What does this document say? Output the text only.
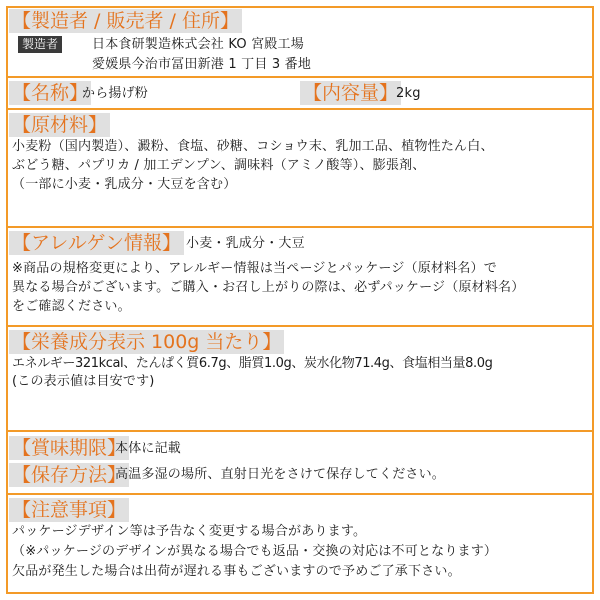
【製造者 / 販売者 / 住所】
製造者	日本食研製造株式会社 KO 宮殿工場
愛媛県今治市冨田新港 1 丁目 3 番地
【名称】
から揚げ粉	【内容量】
2kg
【原材料】
小麦粉（国内製造）、澱粉、食塩、砂糖、コショウ末、乳加工品、植物性たん白、
ぶどう糖、パプリカ / 加工デンプン、調味料（アミノ酸等）、膨張剤、
（一部に小麦・乳成分・大豆を含む）
【アレルゲン情報】 小麦・乳成分・大豆
※商品の規格変更により、アレルギー情報は当ページとパッケージ（原材料名）で
異なる場合がございます。ご購入・お召し上がりの際は、必ずパッケージ（原材料名）
をご確認ください。
【栄養成分表示 100g 当たり】
エネルギー321kcal、たんぱく質6.7g、脂質1.0g、炭水化物71.4g、食塩相当量8.0g
(この表示値は目安です)
【賞味期限】
本体に記載
【保存方法】
高温多湿の場所、直射日光をさけて保存してください。
【注意事項】
パッケージデザイン等は予告なく変更する場合があります。
（※パッケージのデザインが異なる場合でも返品・交換の対応は不可となります）
欠品が発生した場合は出荷が遅れる事もございますので予めご了承下さい。
